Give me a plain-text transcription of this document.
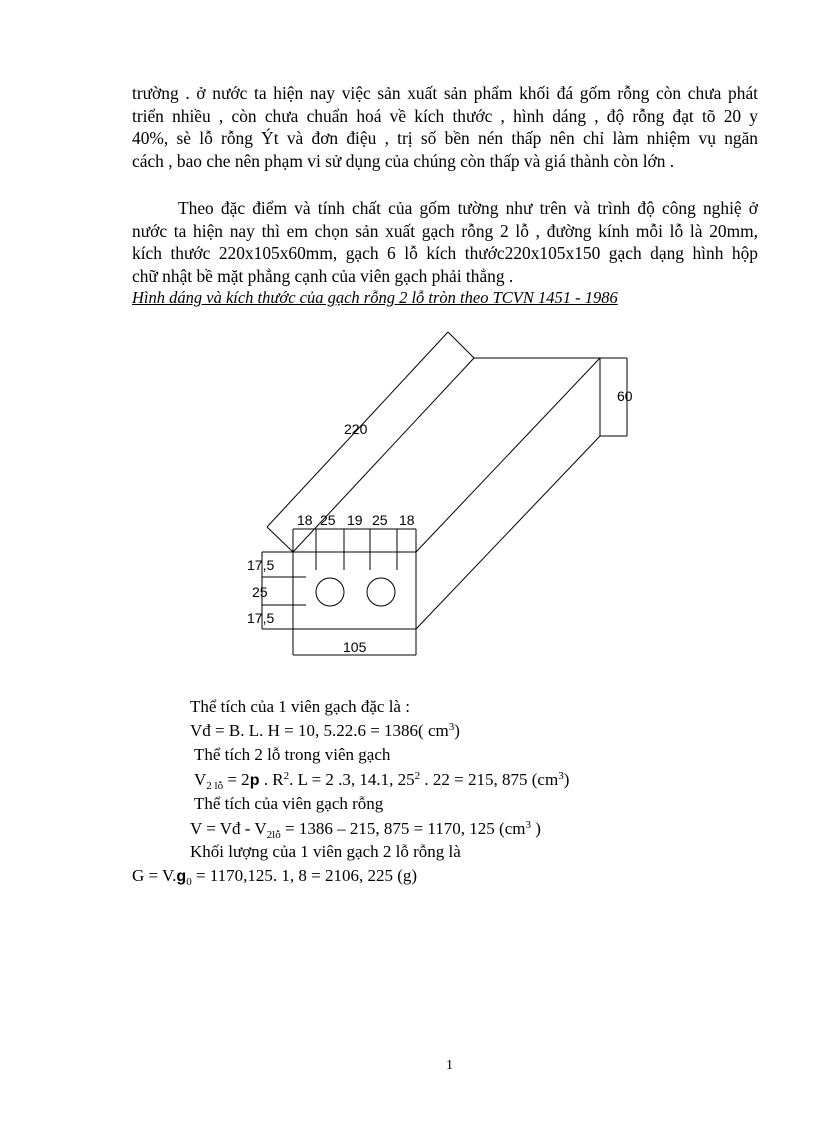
trường . ở nước ta hiện nay việc sản xuất sản phẩm khối đá gốm rỗng còn chưa phát
triển nhiều , còn chưa chuẩn hoá về kích thước , hình dáng , độ rỗng đạt tõ 20 y
40%, sè lỗ rỗng Ýt và đơn điệu , trị số bền nén thấp nên chỉ làm nhiệm vụ ngăn
cách , bao che nên phạm vi sử dụng của chúng còn thấp và giá thành còn lớn .
Theo đặc điểm và tính chất của gốm tường như trên và trình độ công nghiệ ở
nước ta hiện nay thì em chọn sản xuất gạch rỗng 2 lỗ , đường kính mỗi lỗ là 20mm,
kích thước 220x105x60mm, gạch 6 lỗ kích thước220x105x150 gạch dạng hình hộp
chữ nhật bề mặt phẳng cạnh của viên gạch phải thẳng .
Hình dáng và kích thước của gạch rỗng 2 lỗ tròn theo TCVN 1451 - 1986
220
60
105
18 25 19 25 18
17,5
25
17,5
Thể tích của 1 viên gạch đặc là :
Vđ = B. L. H = 10, 5.22.6 = 1386( $cm^3$)
Thể tích 2 lỗ trong viên gạch
$V_{2 lỗ} = 2p$ . $R^2$. L = 2 .3, 14.1, $25^2$ . 22 = 215, 875 $(cm^3)$
Thể tích của viên gạch rỗng
V = Vđ - $V_{2lỗ} = 1386 - 215$, 875 = 1170, 125 ($cm^3$ )
Khối lượng của 1 viên gạch 2 lỗ rỗng là
$G = V.g_0 = 1170,125$. 1, 8 = 2106, 225 (g)
1
